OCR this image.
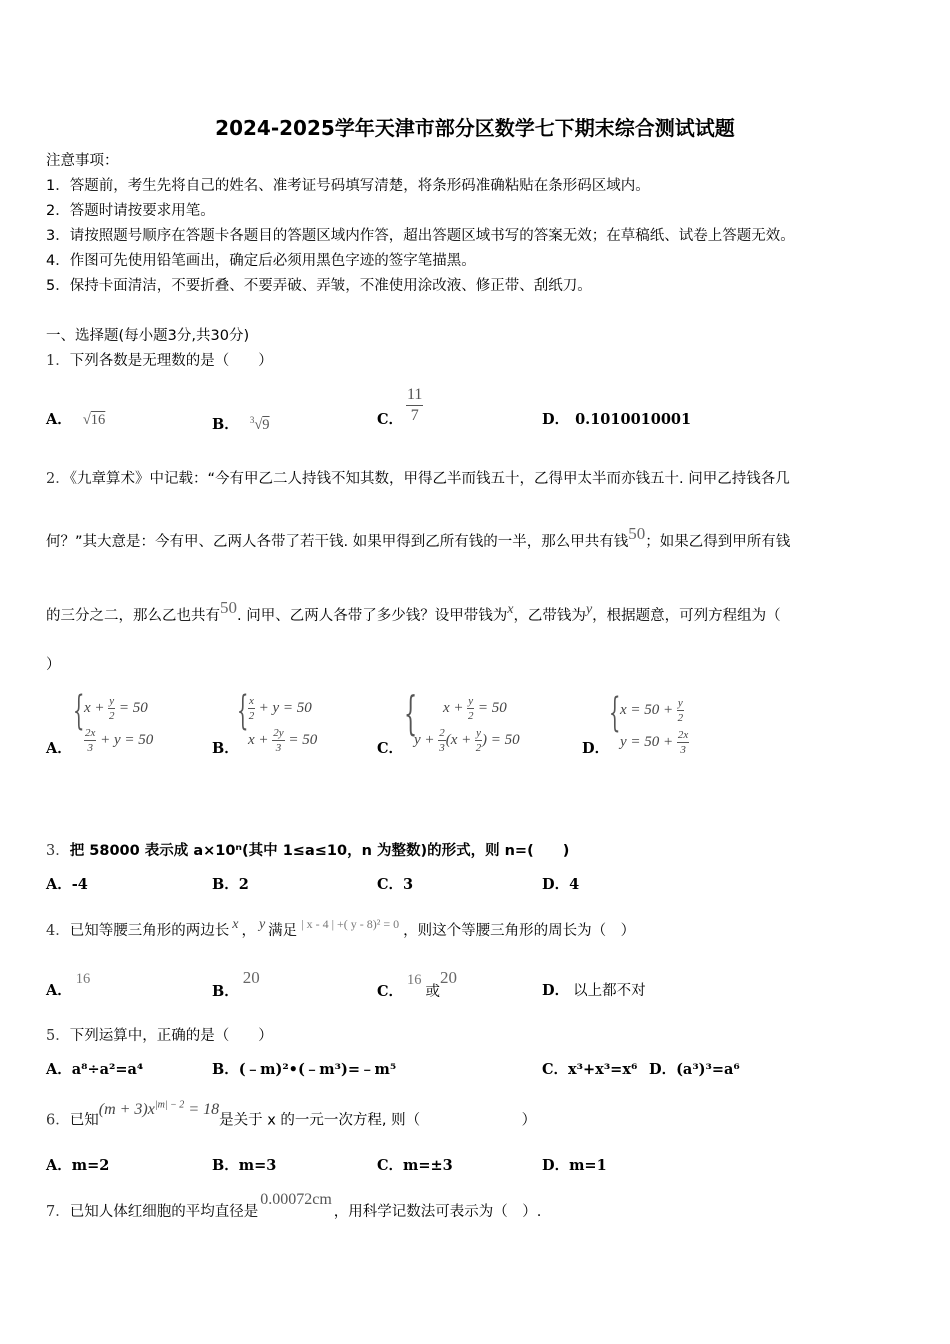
2024-2025学年天津市部分区数学七下期末综合测试试题
注意事项：
1．答题前，考生先将自己的姓名、准考证号码填写清楚，将条形码准确粘贴在条形码区域内。
2．答题时请按要求用笔。
3．请按照题号顺序在答题卡各题目的答题区域内作答，超出答题区域书写的答案无效；在草稿纸、试卷上答题无效。
4．作图可先使用铅笔画出，确定后必须用黑色字迹的签字笔描黑。
5．保持卡面清洁，不要折叠、不要弄破、弄皱，不准使用涂改液、修正带、刮纸刀。
一、选择题(每小题3分,共30分)
1．下列各数是无理数的是（　　）
A． √16	B． $^3$√9	C． $\frac{11}{7}$	D． 0.1010010001
2．《九章算术》中记载：“今有甲乙二人持钱不知其数，甲得乙半而钱五十，乙得甲太半而亦钱五十. 问甲乙持钱各几
何？”其大意是：今有甲、乙两人各带了若干钱. 如果甲得到乙所有钱的一半，那么甲共有钱50；如果乙得到甲所有钱
的三分之二，那么乙也共有50. 问甲、乙两人各带了多少钱？设甲带钱为x，乙带钱为y，根据题意，可列方程组为（
）
A．
{ $x + \frac{y}{2} = 50$
$\frac{2x}{3} + y = 50$
B．
{ $\frac{x}{2} + y = 50$
$x + \frac{2y}{3} = 50$
C．
{ $x + \frac{y}{2} = 50$
$y + \frac{2}{3} (x + \frac{y}{2}$ ) = 50
D．
{ $x = 50 + \frac{y}{2}$
$y = 50 + \frac{2x}{3}$
3．把 58000 表示成 a×10ⁿ(其中 1≤a≤10，n 为整数)的形式，则 n=(　　)
A．-4	B．2	C．3	D．4
4．已知等腰三角形的两边长 x ， y 满足 $^{| x - 4 | +( y - 8)^2 = 0}$ ，则这个等腰三角形的周长为（　）
A．16
B．20
C．16或20
D． 以上都不对
5．下列运算中，正确的是（　　）
A．a⁸÷a²=a⁴	B．(﹣m)²•(﹣m³)=﹣m⁵	C．x³+x³=x⁶ D．(a³)³=a⁶
6．已知$(m + 3)x^{|m| - 2} = 18$是关于 x 的一元一次方程, 则（　　　　　　　）
A．m=2	B．m=3	C．m=±3	D．m=1
7．已知人体红细胞的平均直径是0.00072cm，用科学记数法可表示为（　）.
